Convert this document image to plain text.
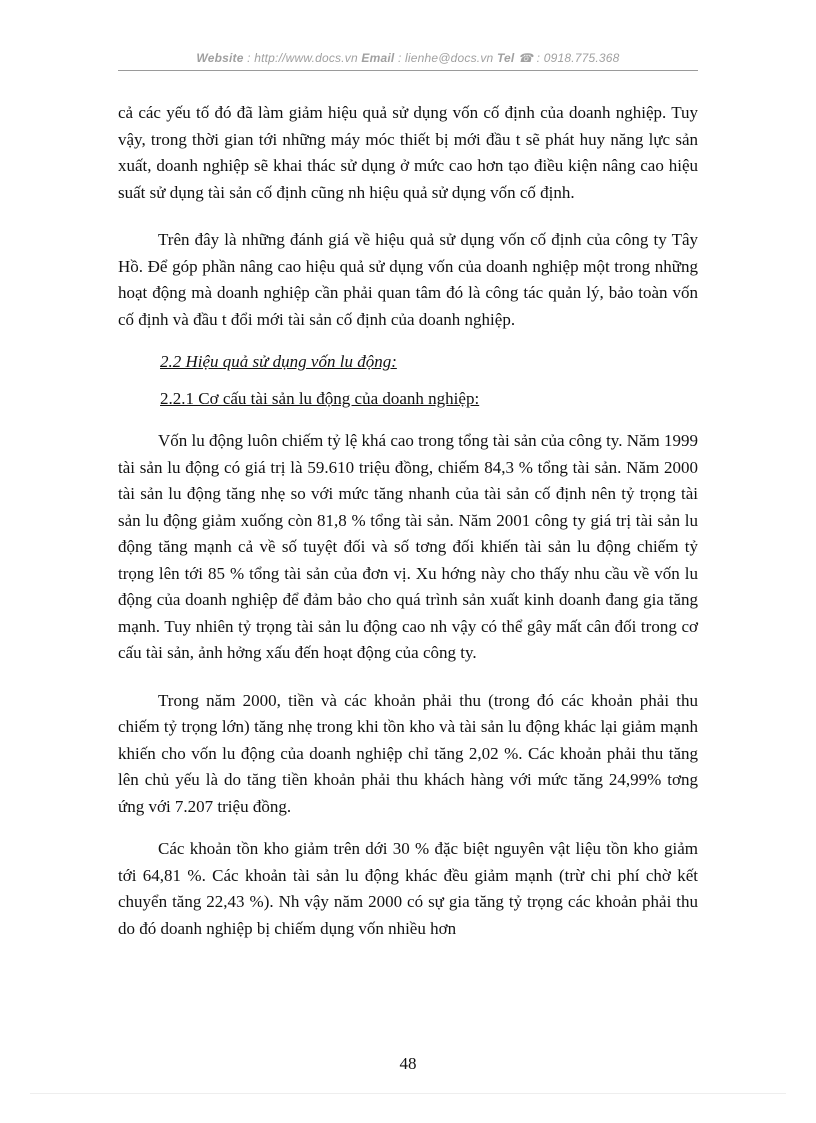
Website : http://www.docs.vn Email : lienhe@docs.vn Tel ☎ : 0918.775.368

cả các yếu tố đó đã làm giảm hiệu quả sử dụng vốn cố định của doanh nghiệp. Tuy vậy, trong thời gian tới những máy móc thiết bị mới đầu t sẽ phát huy năng lực sản xuất, doanh nghiệp sẽ khai thác sử dụng ở mức cao hơn tạo điều kiện nâng cao hiệu suất sử dụng tài sản cố định cũng nh hiệu quả sử dụng vốn cố định.

Trên đây là những đánh giá về hiệu quả sử dụng vốn cố định của công ty Tây Hồ. Để góp phần nâng cao hiệu quả sử dụng vốn của doanh nghiệp một trong những hoạt động mà doanh nghiệp cần phải quan tâm đó là công tác quản lý, bảo toàn vốn cố định và đầu t đổi mới tài sản cố định của doanh nghiệp.

2.2 Hiệu quả sử dụng vốn lu động:

2.2.1 Cơ cấu tài sản lu động của doanh nghiệp:

Vốn lu động luôn chiếm tỷ lệ khá cao trong tổng tài sản của công ty. Năm 1999 tài sản lu động có giá trị là 59.610 triệu đồng, chiếm 84,3 % tổng tài sản. Năm 2000 tài sản lu động tăng nhẹ so với mức tăng nhanh của tài sản cố định nên tỷ trọng tài sản lu động giảm xuống còn 81,8 % tổng tài sản. Năm 2001 công ty giá trị tài sản lu động tăng mạnh cả về số tuyệt đối và số tơng đối khiến tài sản lu động chiếm tỷ trọng lên tới 85 % tổng tài sản của đơn vị. Xu hớng này cho thấy nhu cầu về vốn lu động của doanh nghiệp để đảm bảo cho quá trình sản xuất kinh doanh đang gia tăng mạnh. Tuy nhiên tỷ trọng tài sản lu động cao nh vậy có thể gây mất cân đối trong cơ cấu tài sản, ảnh hởng xấu đến hoạt động của công ty.

Trong năm 2000, tiền và các khoản phải thu (trong đó các khoản phải thu chiếm tỷ trọng lớn) tăng nhẹ trong khi tồn kho và tài sản lu động khác lại giảm mạnh khiến cho vốn lu động của doanh nghiệp chỉ tăng 2,02 %. Các khoản phải thu tăng lên chủ yếu là do tăng tiền khoản phải thu khách hàng với mức tăng 24,99% tơng ứng với 7.207 triệu đồng.

Các khoản tồn kho giảm trên dới 30 % đặc biệt nguyên vật liệu tồn kho giảm tới 64,81 %. Các khoản tài sản lu động khác đều giảm mạnh (trừ chi phí chờ kết chuyển tăng 22,43 %). Nh vậy năm 2000 có sự gia tăng tỷ trọng các khoản phải thu do đó doanh nghiệp bị chiếm dụng vốn nhiều hơn

48
